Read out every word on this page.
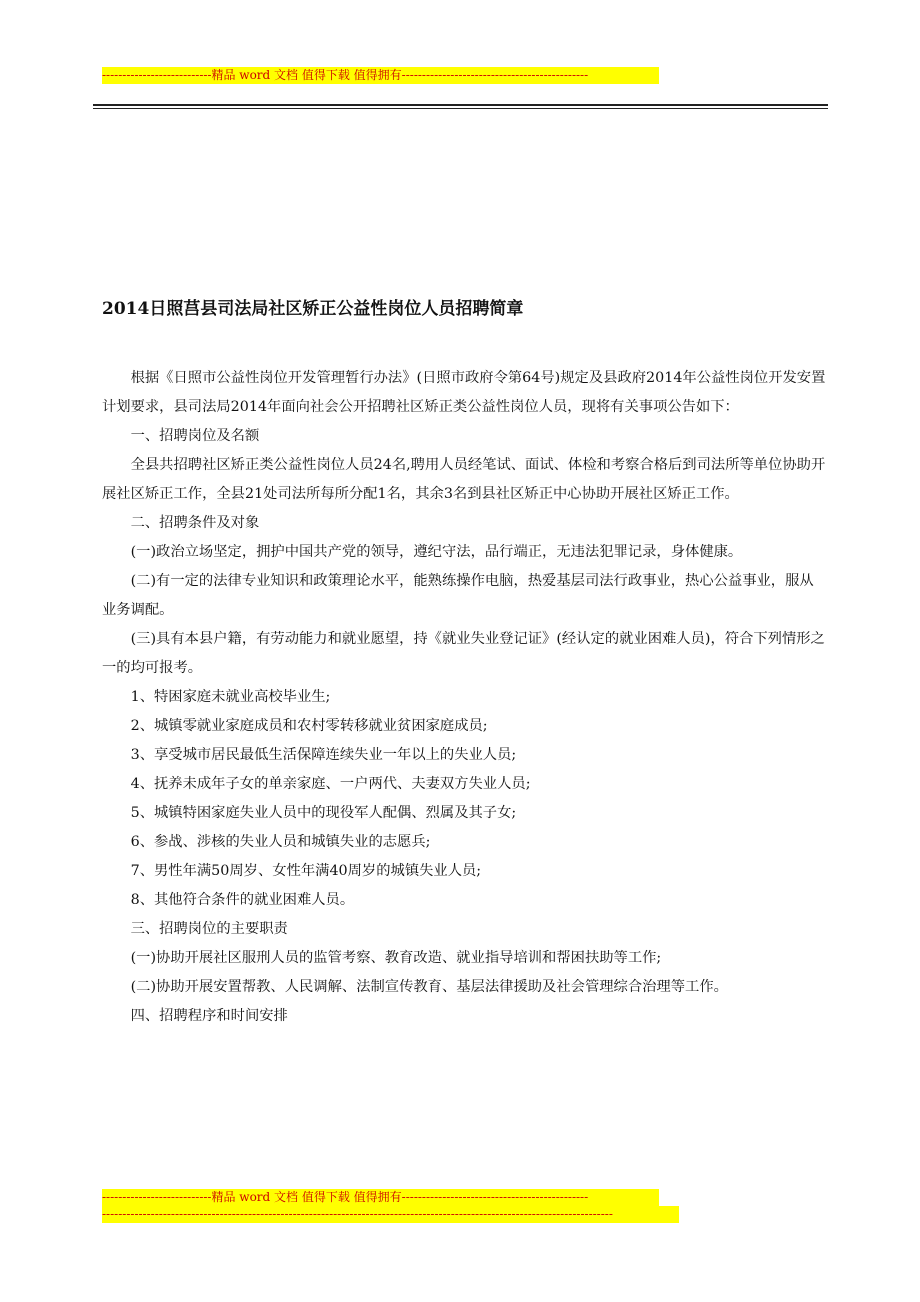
---------------------------精品 word 文档 值得下载 值得拥有----------------------------------------------
2014日照莒县司法局社区矫正公益性岗位人员招聘简章

根据《日照市公益性岗位开发管理暂行办法》(日照市政府令第64号)规定及县政府2014年公益性岗位开发安置计划要求，县司法局2014年面向社会公开招聘社区矫正类公益性岗位人员，现将有关事项公告如下：

一、招聘岗位及名额

全县共招聘社区矫正类公益性岗位人员24名,聘用人员经笔试、面试、体检和考察合格后到司法所等单位协助开展社区矫正工作，全县21处司法所每所分配1名，其余3名到县社区矫正中心协助开展社区矫正工作。

二、招聘条件及对象

(一)政治立场坚定，拥护中国共产党的领导，遵纪守法，品行端正，无违法犯罪记录，身体健康。

(二)有一定的法律专业知识和政策理论水平，能熟练操作电脑，热爱基层司法行政事业，热心公益事业，服从业务调配。

(三)具有本县户籍，有劳动能力和就业愿望，持《就业失业登记证》(经认定的就业困难人员)，符合下列情形之一的均可报考。

1、特困家庭未就业高校毕业生;

2、城镇零就业家庭成员和农村零转移就业贫困家庭成员;

3、享受城市居民最低生活保障连续失业一年以上的失业人员;

4、抚养未成年子女的单亲家庭、一户两代、夫妻双方失业人员;

5、城镇特困家庭失业人员中的现役军人配偶、烈属及其子女;

6、参战、涉核的失业人员和城镇失业的志愿兵;

7、男性年满50周岁、女性年满40周岁的城镇失业人员;

8、其他符合条件的就业困难人员。

三、招聘岗位的主要职责

(一)协助开展社区服刑人员的监管考察、教育改造、就业指导培训和帮困扶助等工作;

(二)协助开展安置帮教、人民调解、法制宣传教育、基层法律援助及社会管理综合治理等工作。

四、招聘程序和时间安排

---------------------------精品 word 文档 值得下载 值得拥有----------------------------------------------
------------------------------------------------------------------------------------------------------------------------------
